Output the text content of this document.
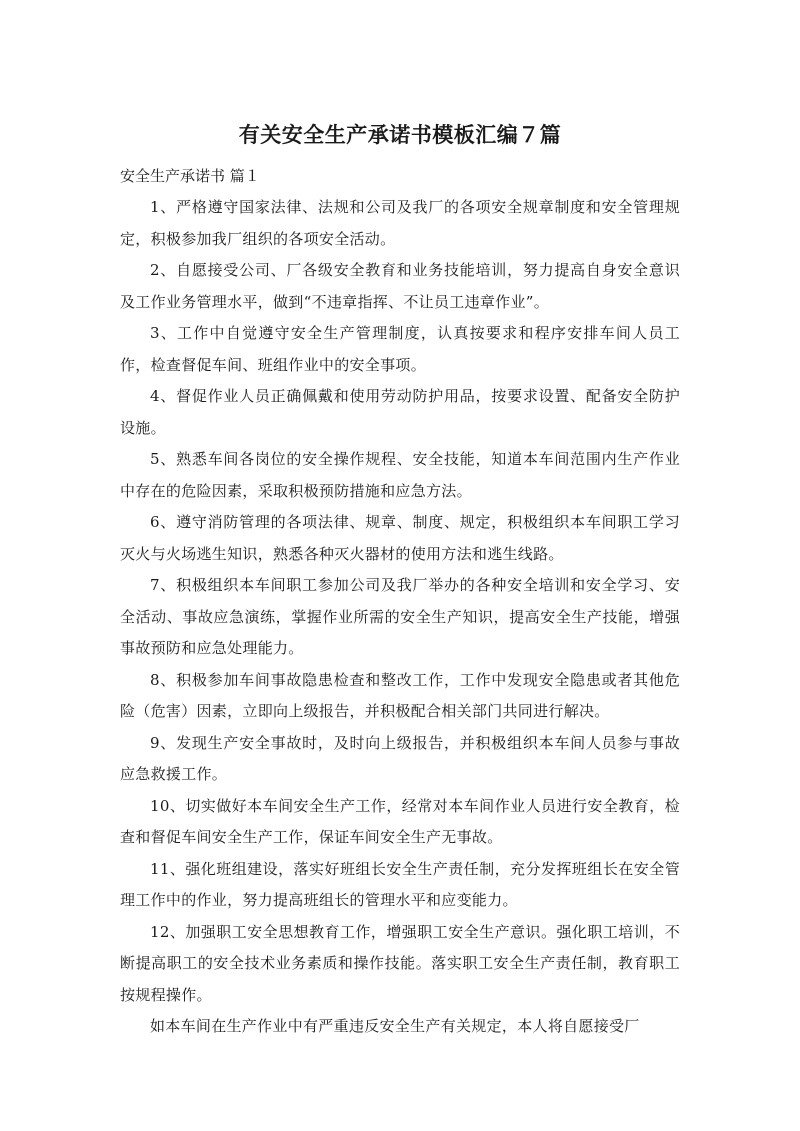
有关安全生产承诺书模板汇编７篇
安全生产承诺书 篇１

1、严格遵守国家法律、法规和公司及我厂的各项安全规章制度和安全管理规定，积极参加我厂组织的各项安全活动。

2、自愿接受公司、厂各级安全教育和业务技能培训，努力提高自身安全意识及工作业务管理水平，做到“不违章指挥、不让员工违章作业”。

3、工作中自觉遵守安全生产管理制度，认真按要求和程序安排车间人员工作，检查督促车间、班组作业中的安全事项。

4、督促作业人员正确佩戴和使用劳动防护用品，按要求设置、配备安全防护设施。

5、熟悉车间各岗位的安全操作规程、安全技能，知道本车间范围内生产作业中存在的危险因素，采取积极预防措施和应急方法。

6、遵守消防管理的各项法律、规章、制度、规定，积极组织本车间职工学习灭火与火场逃生知识，熟悉各种灭火器材的使用方法和逃生线路。

7、积极组织本车间职工参加公司及我厂举办的各种安全培训和安全学习、安全活动、事故应急演练，掌握作业所需的安全生产知识，提高安全生产技能，增强事故预防和应急处理能力。

8、积极参加车间事故隐患检查和整改工作，工作中发现安全隐患或者其他危险（危害）因素，立即向上级报告，并积极配合相关部门共同进行解决。

9、发现生产安全事故时，及时向上级报告，并积极组织本车间人员参与事故应急救援工作。

10、切实做好本车间安全生产工作，经常对本车间作业人员进行安全教育，检查和督促车间安全生产工作，保证车间安全生产无事故。

11、强化班组建设，落实好班组长安全生产责任制，充分发挥班组长在安全管理工作中的作业，努力提高班组长的管理水平和应变能力。

12、加强职工安全思想教育工作，增强职工安全生产意识。强化职工培训，不断提高职工的安全技术业务素质和操作技能。落实职工安全生产责任制，教育职工按规程操作。

如本车间在生产作业中有严重违反安全生产有关规定，本人将自愿接受厂
